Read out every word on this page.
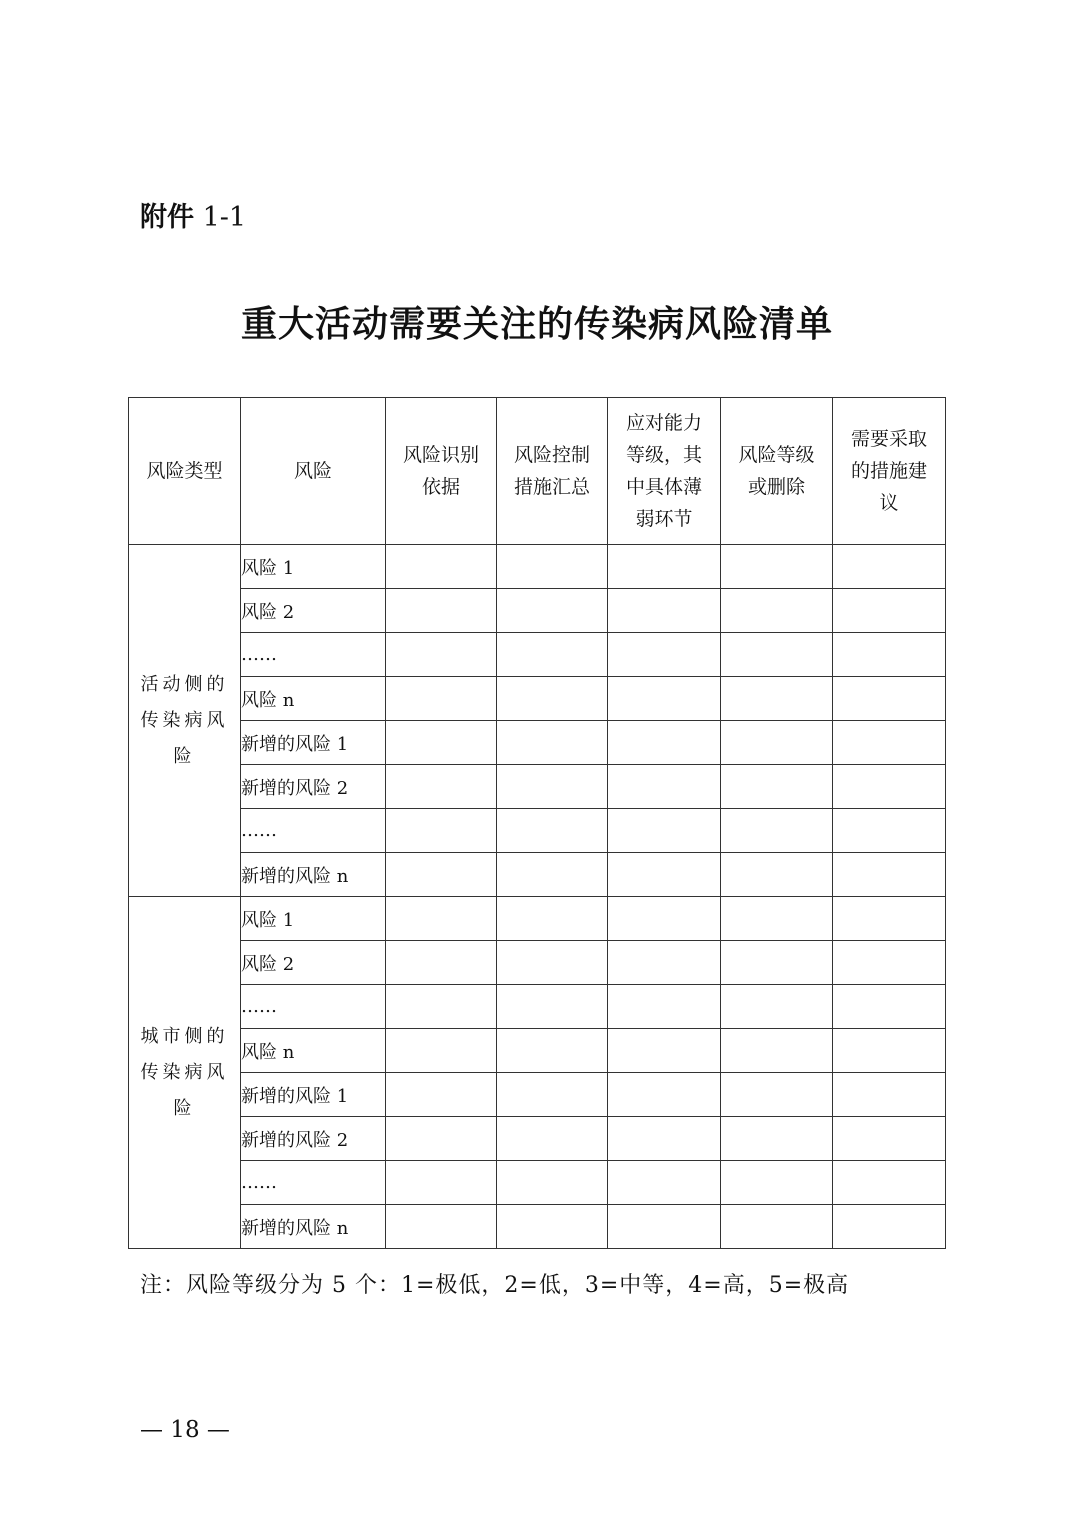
附件 1-1
重大活动需要关注的传染病风险清单
风险类型	风险	风险识别依据	风险控制措施汇总	应对能力等级，其中具体薄弱环节	风险等级或删除	需要采取的措施建议
活动侧的传染病风险	风险 1					
	风险 2					
	……					
	风险 n					
	新增的风险 1					
	新增的风险 2					
	……					
	新增的风险 n					
城市侧的传染病风险	风险 1					
	风险 2					
	……					
	风险 n					
	新增的风险 1					
	新增的风险 2					
	……					
	新增的风险 n					
注：风险等级分为 5 个：1=极低，2=低，3=中等，4=高，5=极高
— 18 —
